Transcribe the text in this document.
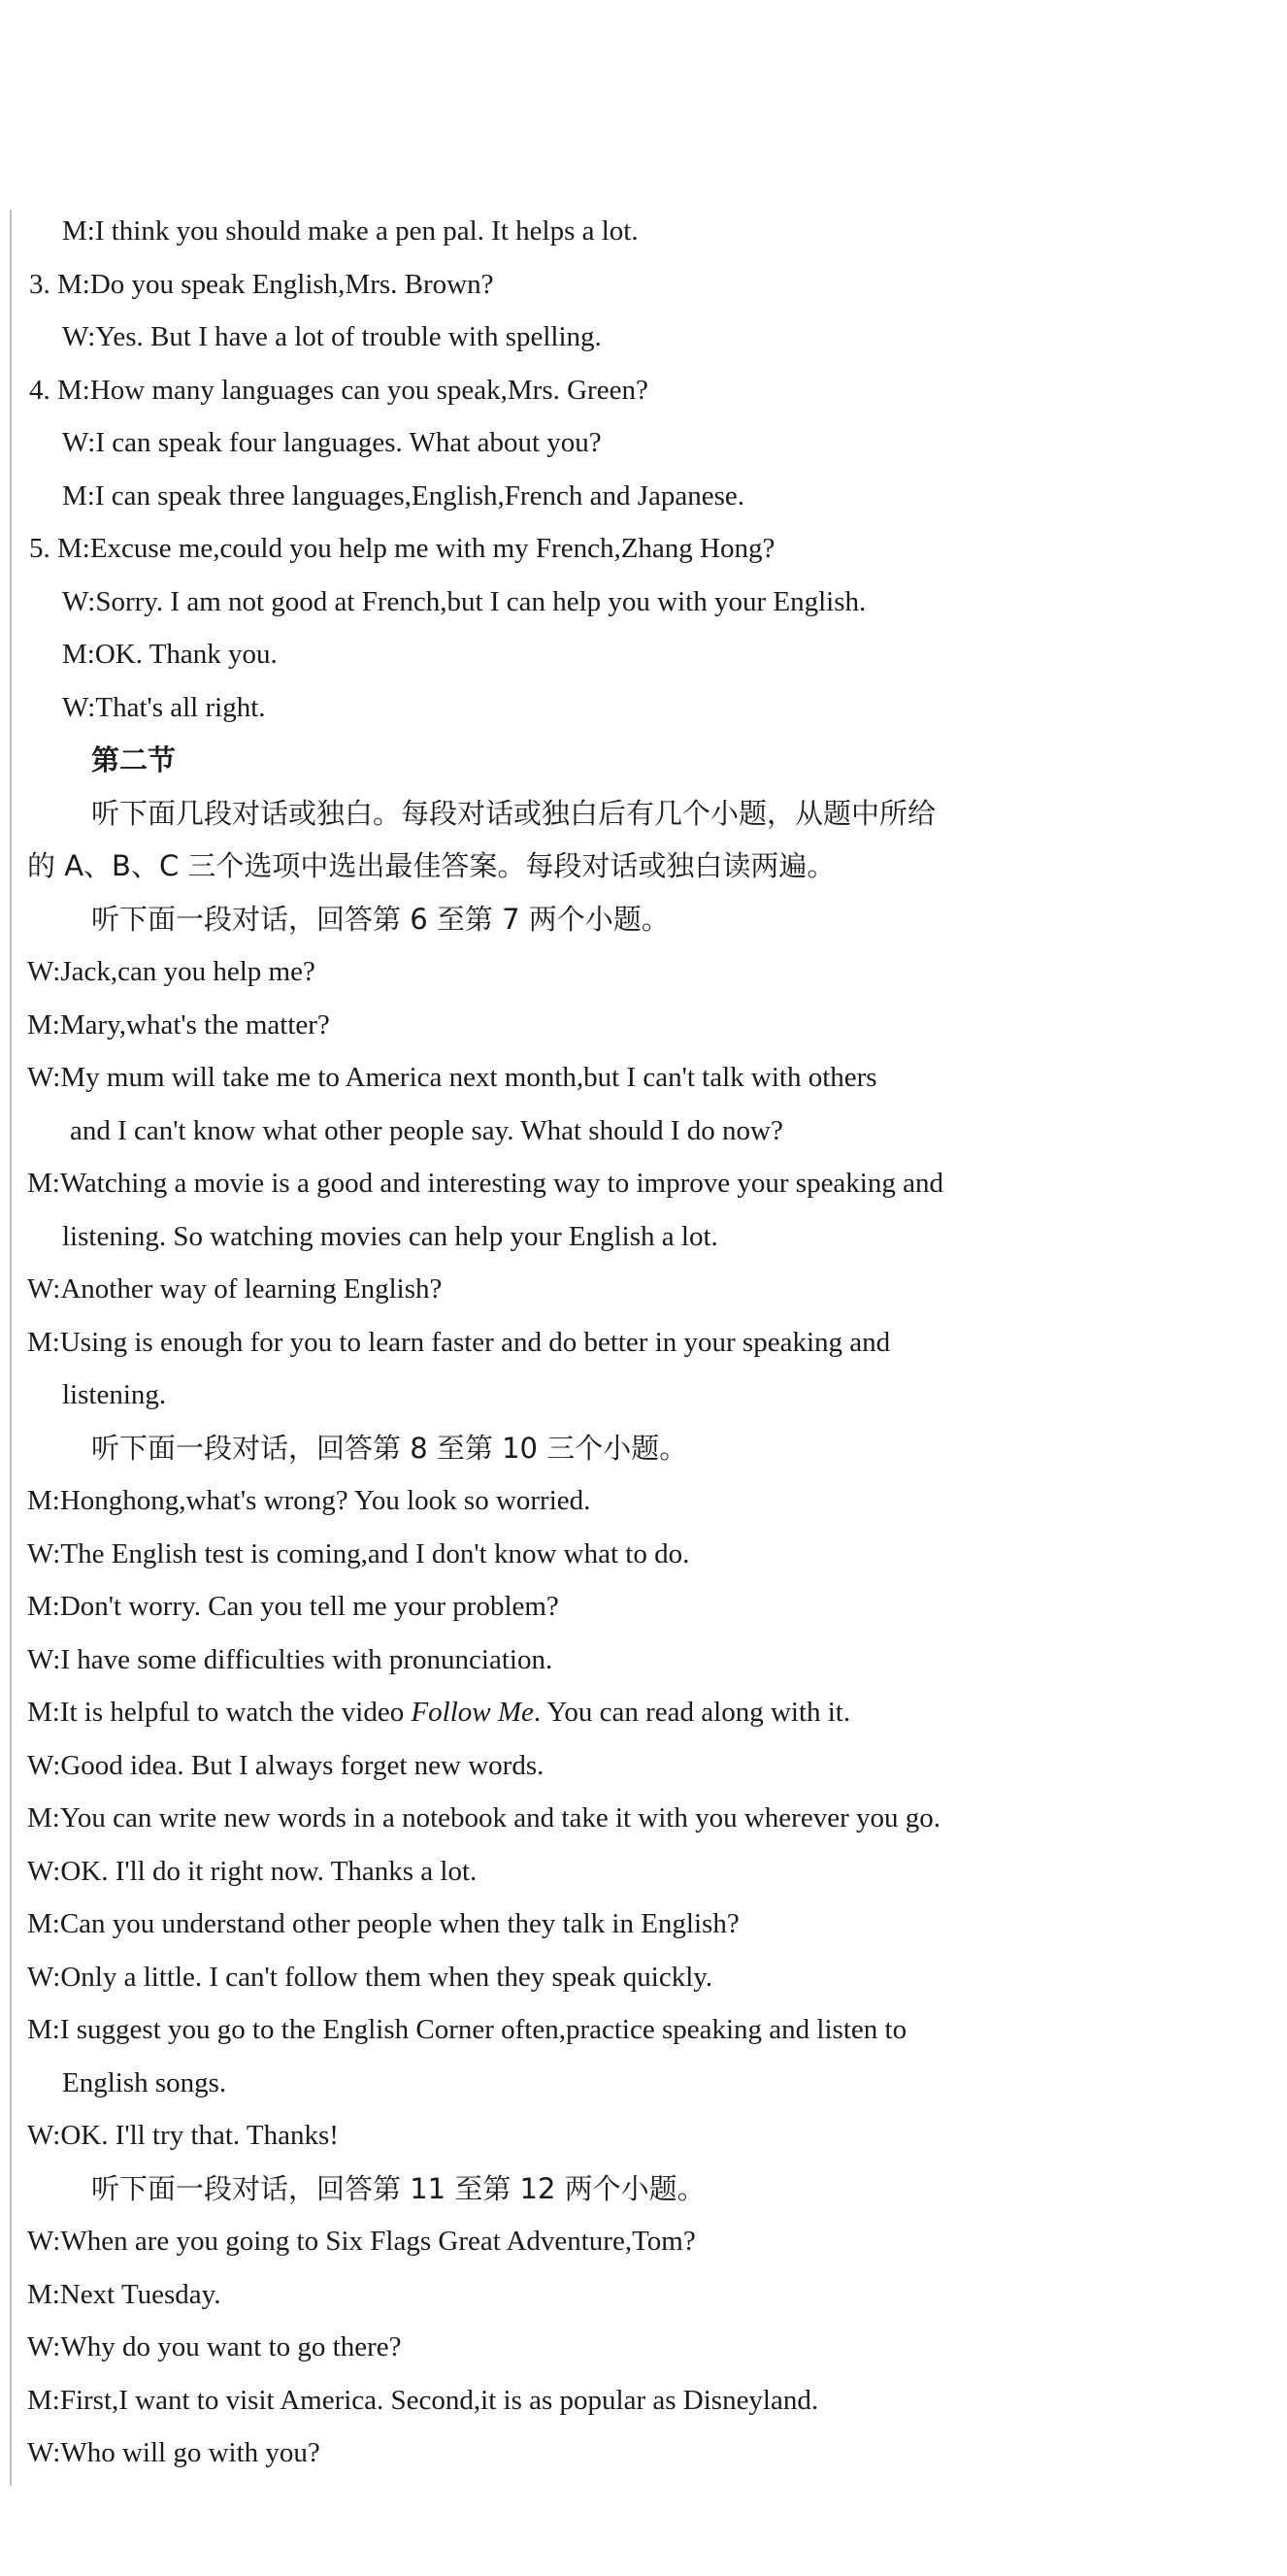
M:I think you should make a pen pal. It helps a lot.
3. M:Do you speak English,Mrs. Brown?
W:Yes. But I have a lot of trouble with spelling.
4. M:How many languages can you speak,Mrs. Green?
W:I can speak four languages. What about you?
M:I can speak three languages,English,French and Japanese.
5. M:Excuse me,could you help me with my French,Zhang Hong?
W:Sorry. I am not good at French,but I can help you with your English.
M:OK. Thank you.
W:That's all right.
第二节
听下面几段对话或独白。每段对话或独白后有几个小题，从题中所给
的 A、B、C 三个选项中选出最佳答案。每段对话或独白读两遍。
听下面一段对话，回答第 6 至第 7 两个小题。
W:Jack,can you help me?
M:Mary,what's the matter?
W:My mum will take me to America next month,but I can't talk with others
and I can't know what other people say. What should I do now?
M:Watching a movie is a good and interesting way to improve your speaking and
listening. So watching movies can help your English a lot.
W:Another way of learning English?
M:Using is enough for you to learn faster and do better in your speaking and
listening.
听下面一段对话，回答第 8 至第 10 三个小题。
M:Honghong,what's wrong? You look so worried.
W:The English test is coming,and I don't know what to do.
M:Don't worry. Can you tell me your problem?
W:I have some difficulties with pronunciation.
M:It is helpful to watch the video Follow Me. You can read along with it.
W:Good idea. But I always forget new words.
M:You can write new words in a notebook and take it with you wherever you go.
W:OK. I'll do it right now. Thanks a lot.
M:Can you understand other people when they talk in English?
W:Only a little. I can't follow them when they speak quickly.
M:I suggest you go to the English Corner often,practice speaking and listen to
English songs.
W:OK. I'll try that. Thanks!
听下面一段对话，回答第 11 至第 12 两个小题。
W:When are you going to Six Flags Great Adventure,Tom?
M:Next Tuesday.
W:Why do you want to go there?
M:First,I want to visit America. Second,it is as popular as Disneyland.
W:Who will go with you?
